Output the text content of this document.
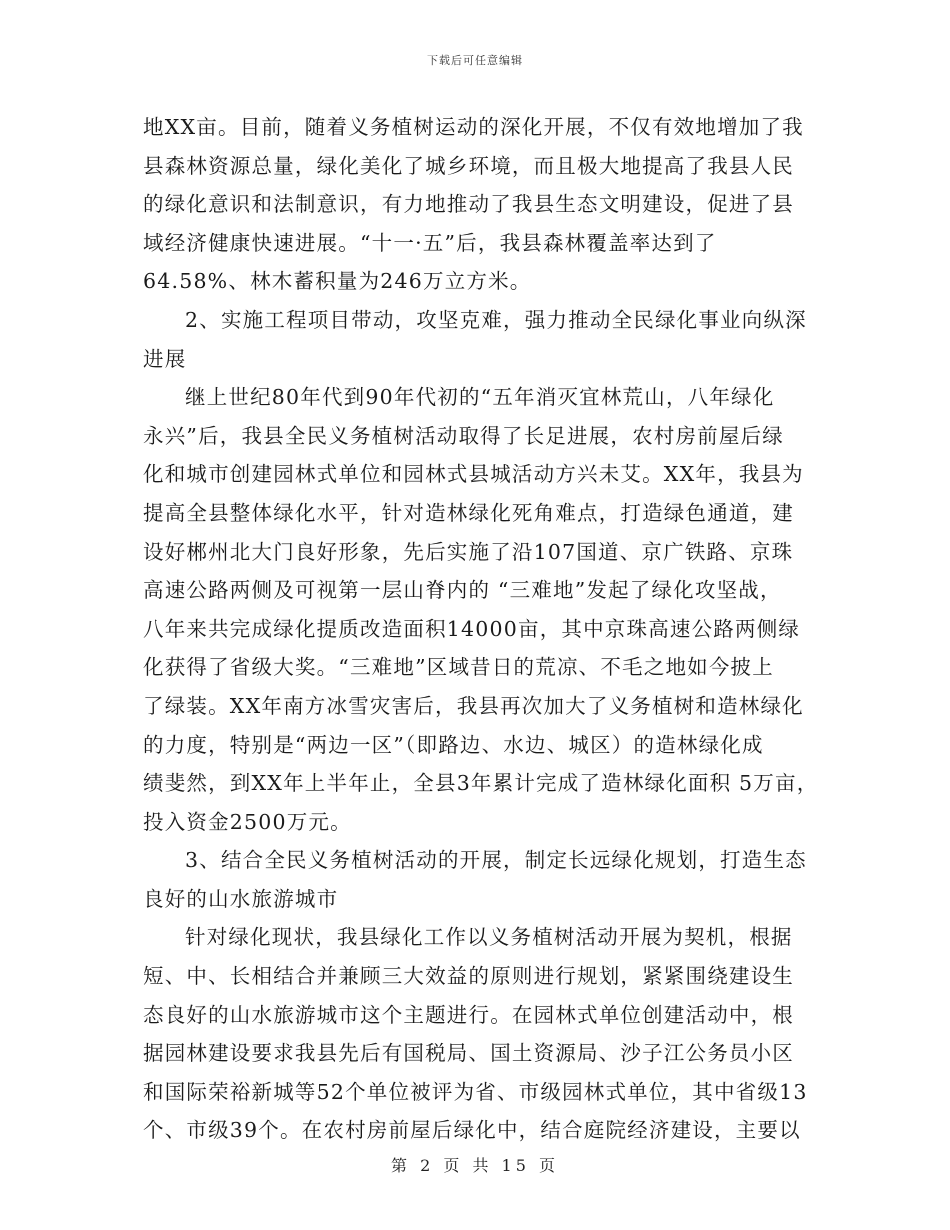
下载后可任意编辑
地XX亩。目前，随着义务植树运动的深化开展，不仅有效地增加了我
县森林资源总量，绿化美化了城乡环境，而且极大地提高了我县人民
的绿化意识和法制意识，有力地推动了我县生态文明建设，促进了县
域经济健康快速进展。“十一·五”后，我县森林覆盖率达到了
64.58%、林木蓄积量为246万立方米。
2、实施工程项目带动，攻坚克难，强力推动全民绿化事业向纵深
进展
继上世纪80年代到90年代初的“五年消灭宜林荒山，八年绿化
永兴”后，我县全民义务植树活动取得了长足进展，农村房前屋后绿
化和城市创建园林式单位和园林式县城活动方兴未艾。XX年，我县为
提高全县整体绿化水平，针对造林绿化死角难点，打造绿色通道，建
设好郴州北大门良好形象，先后实施了沿107国道、京广铁路、京珠
高速公路两侧及可视第一层山脊内的 “三难地”发起了绿化攻坚战，
八年来共完成绿化提质改造面积14000亩，其中京珠高速公路两侧绿
化获得了省级大奖。“三难地”区域昔日的荒凉、不毛之地如今披上
了绿装。XX年南方冰雪灾害后，我县再次加大了义务植树和造林绿化
的力度，特别是“两边一区”（即路边、水边、城区）的造林绿化成
绩斐然，到XX年上半年止，全县3年累计完成了造林绿化面积 5万亩，
投入资金2500万元。
3、结合全民义务植树活动的开展，制定长远绿化规划，打造生态
良好的山水旅游城市
针对绿化现状，我县绿化工作以义务植树活动开展为契机，根据
短、中、长相结合并兼顾三大效益的原则进行规划，紧紧围绕建设生
态良好的山水旅游城市这个主题进行。在园林式单位创建活动中，根
据园林建设要求我县先后有国税局、国土资源局、沙子江公务员小区
和国际荣裕新城等52个单位被评为省、市级园林式单位，其中省级13
个、市级39个。在农村房前屋后绿化中，结合庭院经济建设，主要以
第 2 页 共 15 页
